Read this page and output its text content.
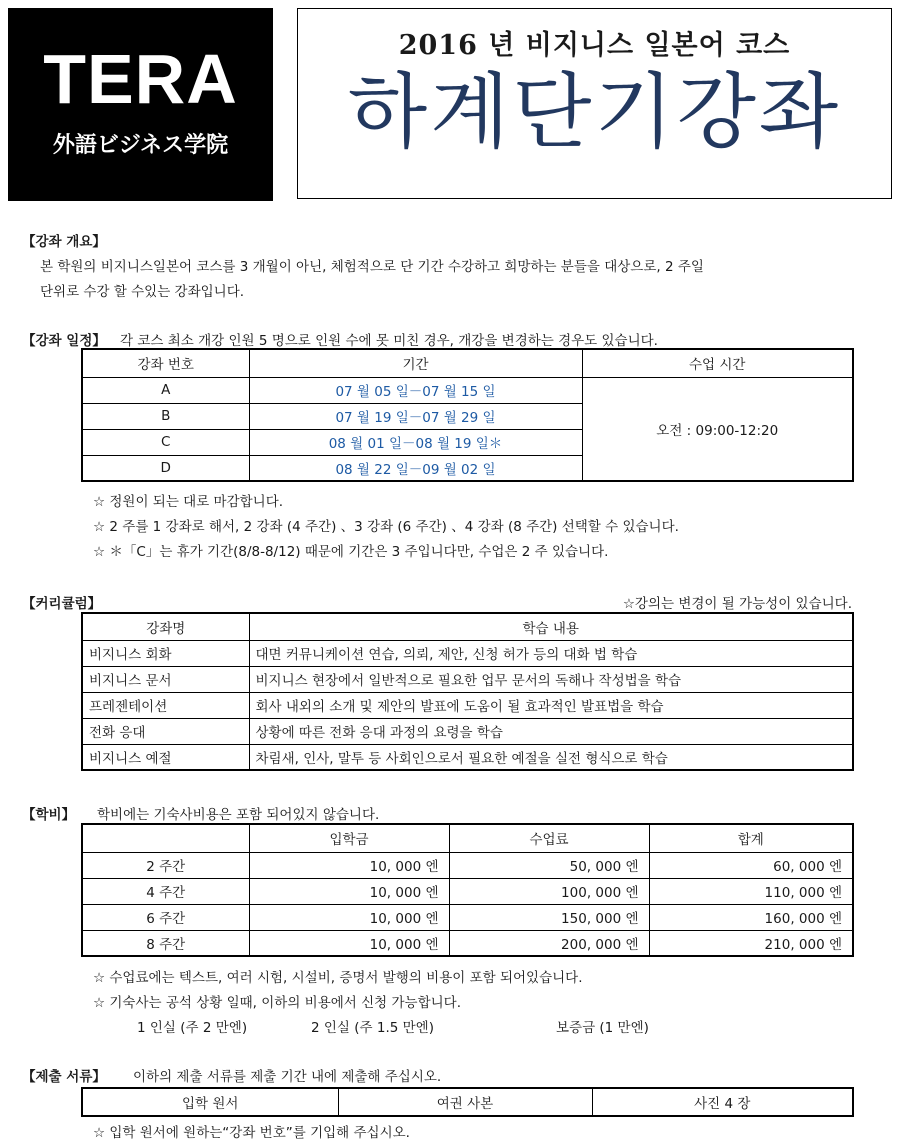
TERA
外語ビジネス学院
2016 년 비지니스 일본어 코스
하계단기강좌
【강좌 개요】
본 학원의 비지니스일본어 코스를 3 개월이 아닌, 체험적으로 단 기간 수강하고 희망하는 분들을 대상으로, 2 주일
단위로 수강 할 수있는 강좌입니다.
【강좌 일정】 각 코스 최소 개강 인원 5 명으로 인원 수에 못 미친 경우, 개강을 변경하는 경우도 있습니다.
강좌 번호	기간	수업 시간
A	07 월 05 일－07 월 15 일	오전 : 09:00-12:20
B	07 월 19 일－07 월 29 일	
C	08 월 01 일－08 월 19 일＊	
D	08 월 22 일－09 월 02 일	
☆ 정원이 되는 대로 마감합니다.
☆ 2 주를 1 강좌로 해서, 2 강좌 (4 주간) 、3 강좌 (6 주간) 、4 강좌 (8 주간) 선택할 수 있습니다.
☆ ＊「C」는 휴가 기간(8/8-8/12) 때문에 기간은 3 주입니다만, 수업은 2 주 있습니다.
【커리큘럼】	☆강의는 변경이 될 가능성이 있습니다.
강좌명	학습 내용
비지니스 회화	대면 커뮤니케이션 연습, 의뢰, 제안, 신청 허가 등의 대화 법 학습
비지니스 문서	비지니스 현장에서 일반적으로 필요한 업무 문서의 독해나 작성법을 학습
프레젠테이션	회사 내외의 소개 및 제안의 발표에 도움이 될 효과적인 발표법을 학습
전화 응대	상황에 따른 전화 응대 과정의 요령을 학습
비지니스 예절	차림새, 인사, 말투 등 사회인으로서 필요한 예절을 실전 형식으로 학습
【학비】 학비에는 기숙사비용은 포함 되어있지 않습니다.
	입학금	수업료	합계
2 주간	10, 000 엔	50, 000 엔	60, 000 엔
4 주간	10, 000 엔	100, 000 엔	110, 000 엔
6 주간	10, 000 엔	150, 000 엔	160, 000 엔
8 주간	10, 000 엔	200, 000 엔	210, 000 엔
☆ 수업료에는 텍스트, 여러 시험, 시설비, 증명서 발행의 비용이 포함 되어있습니다.
☆ 기숙사는 공석 상황 일때, 이하의 비용에서 신청 가능합니다.
1 인실 (주 2 만엔)	2 인실 (주 1.5 만엔)	보증금 (1 만엔)
【제출 서류】 이하의 제출 서류를 제출 기간 내에 제출해 주십시오.
입학 원서	여권 사본	사진 4 장
☆ 입학 원서에 원하는“강좌 번호”를 기입해 주십시오.
